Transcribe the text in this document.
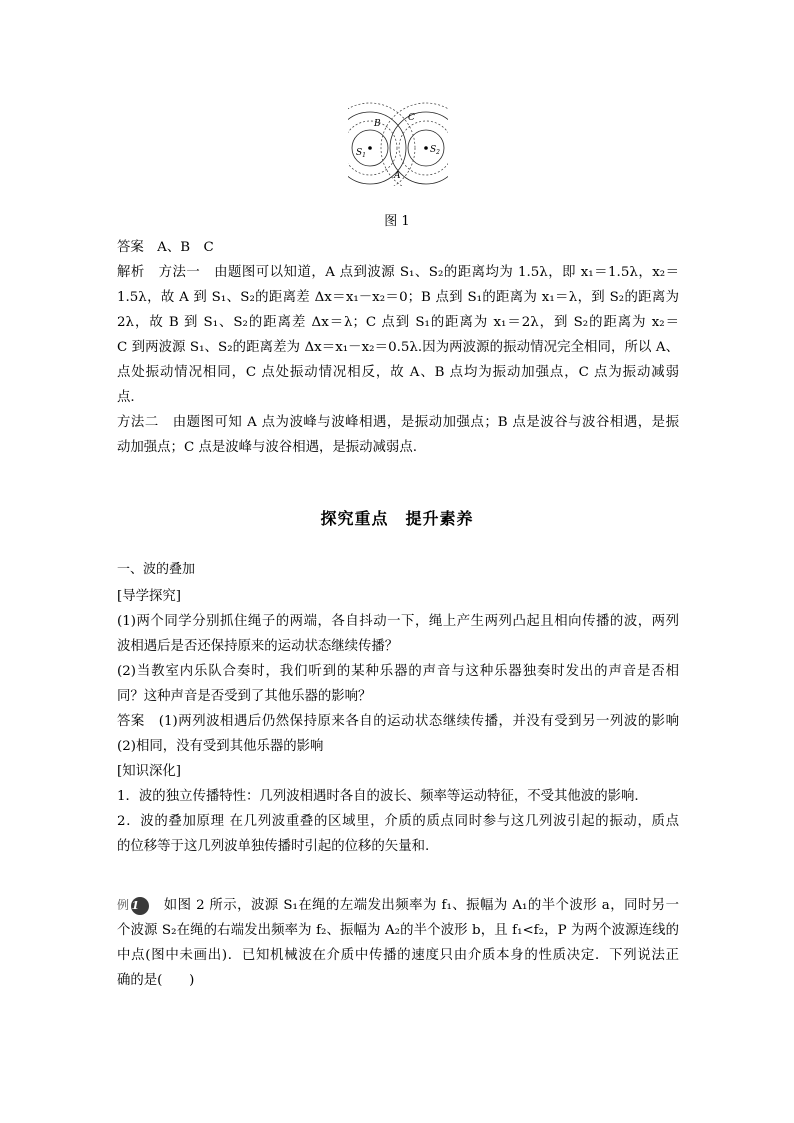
B
C
A
$S_1$
$S_2$
图 1
答案　A、B　C
解析　方法一　由题图可以知道，A 点到波源 S₁、S₂的距离均为 1.5λ，即 x₁＝1.5λ，x₂＝
1.5λ，故 A 到 S₁、S₂的距离差 Δx＝x₁－x₂＝0；B 点到 S₁的距离为 x₁＝λ，到 S₂的距离为
2λ，故 B 到 S₁、S₂的距离差 Δx＝λ；C 点到 S₁的距离为 x₁＝2λ，到 S₂的距离为 x₂＝
C 到两波源 S₁、S₂的距离差为 Δx＝x₁－x₂＝0.5λ.因为两波源的振动情况完全相同，所以 A、
点处振动情况相同，C 点处振动情况相反，故 A、B 点均为振动加强点，C 点为振动减弱
点.
方法二　由题图可知 A 点为波峰与波峰相遇，是振动加强点；B 点是波谷与波谷相遇，是振
动加强点；C 点是波峰与波谷相遇，是振动减弱点.
探究重点　提升素养
一、波的叠加
[导学探究]
(1)两个同学分别抓住绳子的两端，各自抖动一下，绳上产生两列凸起且相向传播的波，两列
波相遇后是否还保持原来的运动状态继续传播？
(2)当教室内乐队合奏时，我们听到的某种乐器的声音与这种乐器独奏时发出的声音是否相
同？这种声音是否受到了其他乐器的影响？
答案　(1)两列波相遇后仍然保持原来各自的运动状态继续传播，并没有受到另一列波的影响
(2)相同，没有受到其他乐器的影响
[知识深化]
1．波的独立传播特性：几列波相遇时各自的波长、频率等运动特征，不受其他波的影响.
2．波的叠加原理 在几列波重叠的区域里，介质的质点同时参与这几列波引起的振动，质点
的位移等于这几列波单独传播时引起的位移的矢量和.
例 1　 如图 2 所示，波源 S₁在绳的左端发出频率为 f₁、振幅为 A₁的半个波形 a，同时另一
个波源 S₂在绳的右端发出频率为 f₂、振幅为 A₂的半个波形 b，且 f₁<f₂，P 为两个波源连线的
中点(图中未画出)．已知机械波在介质中传播的速度只由介质本身的性质决定．下列说法正
确的是(　　)
